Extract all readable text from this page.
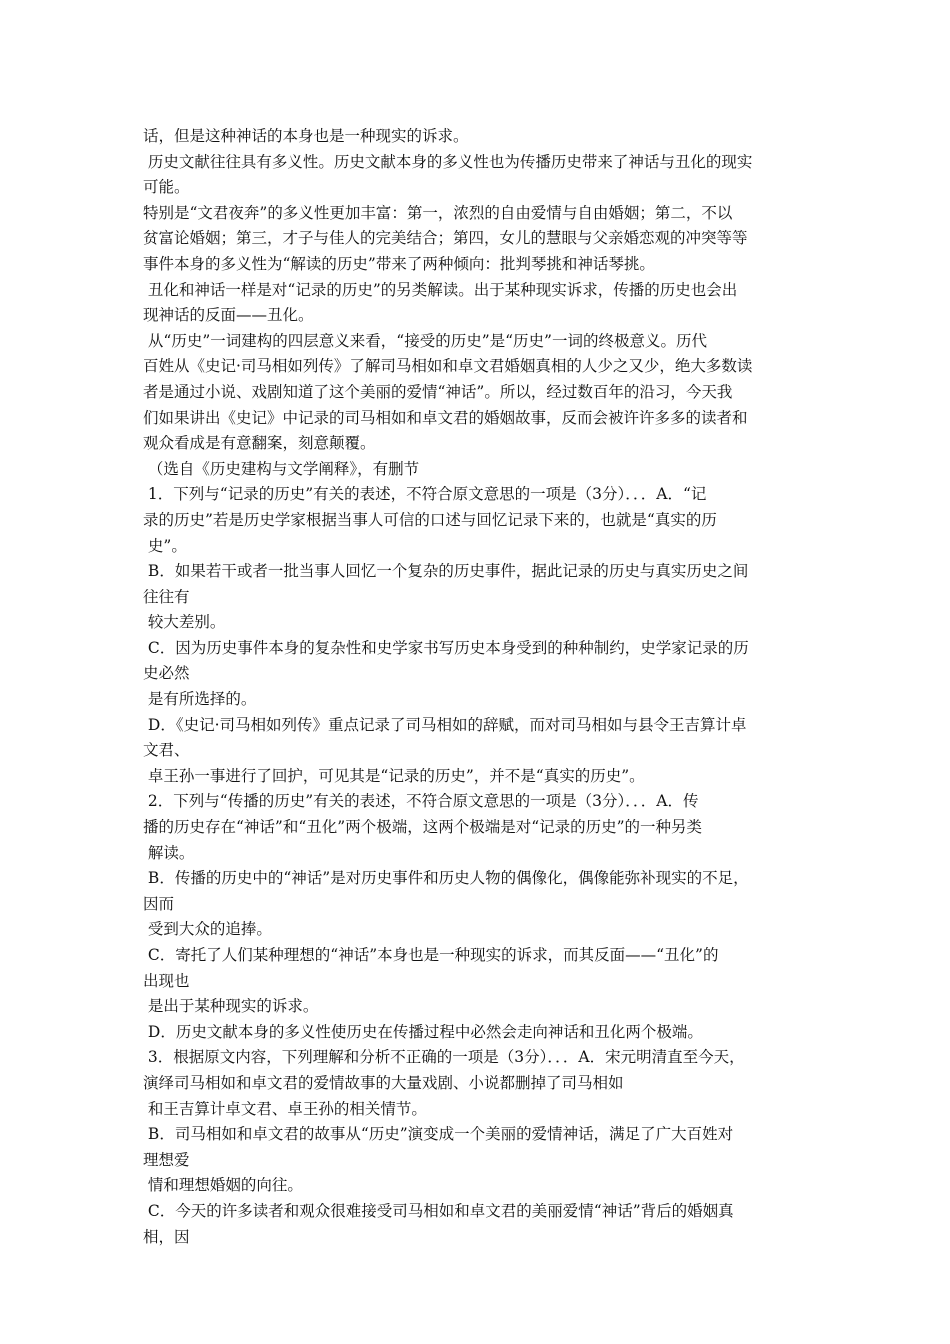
话，但是这种神话的本身也是一种现实的诉求。
历史文献往往具有多义性。历史文献本身的多义性也为传播历史带来了神话与丑化的现实
可能。
特别是“文君夜奔”的多义性更加丰富：第一，浓烈的自由爱情与自由婚姻；第二，不以
贫富论婚姻；第三，才子与佳人的完美结合；第四，女儿的慧眼与父亲婚恋观的冲突等等
事件本身的多义性为“解读的历史”带来了两种倾向：批判琴挑和神话琴挑。
丑化和神话一样是对“记录的历史”的另类解读。出于某种现实诉求，传播的历史也会出
现神话的反面——丑化。
从“历史”一词建构的四层意义来看，“接受的历史”是“历史”一词的终极意义。历代
百姓从《史记·司马相如列传》了解司马相如和卓文君婚姻真相的人少之又少，绝大多数读
者是通过小说、戏剧知道了这个美丽的爱情“神话”。所以，经过数百年的沿习，今天我
们如果讲出《史记》中记录的司马相如和卓文君的婚姻故事，反而会被许许多多的读者和
观众看成是有意翻案，刻意颠覆。
（选自《历史建构与文学阐释》，有删节
1．下列与“记录的历史”有关的表述，不符合原文意思的一项是（3分）．．．A．“记
录的历史”若是历史学家根据当事人可信的口述与回忆记录下来的，也就是“真实的历
史”。
B．如果若干或者一批当事人回忆一个复杂的历史事件，据此记录的历史与真实历史之间
往往有
较大差别。
C．因为历史事件本身的复杂性和史学家书写历史本身受到的种种制约，史学家记录的历
史必然
是有所选择的。
D．《史记·司马相如列传》重点记录了司马相如的辞赋，而对司马相如与县令王吉算计卓
文君、
卓王孙一事进行了回护，可见其是“记录的历史”，并不是“真实的历史”。
2．下列与“传播的历史”有关的表述，不符合原文意思的一项是（3分）．．．A．传
播的历史存在“神话”和“丑化”两个极端，这两个极端是对“记录的历史”的一种另类
解读。
B．传播的历史中的“神话”是对历史事件和历史人物的偶像化，偶像能弥补现实的不足，
因而
受到大众的追捧。
C．寄托了人们某种理想的“神话”本身也是一种现实的诉求，而其反面——“丑化”的
出现也
是出于某种现实的诉求。
D．历史文献本身的多义性使历史在传播过程中必然会走向神话和丑化两个极端。
3．根据原文内容，下列理解和分析不正确的一项是（3分）．．．A．宋元明清直至今天，
演绎司马相如和卓文君的爱情故事的大量戏剧、小说都删掉了司马相如
和王吉算计卓文君、卓王孙的相关情节。
B．司马相如和卓文君的故事从“历史”演变成一个美丽的爱情神话，满足了广大百姓对
理想爱
情和理想婚姻的向往。
C．今天的许多读者和观众很难接受司马相如和卓文君的美丽爱情“神话”背后的婚姻真
相，因
